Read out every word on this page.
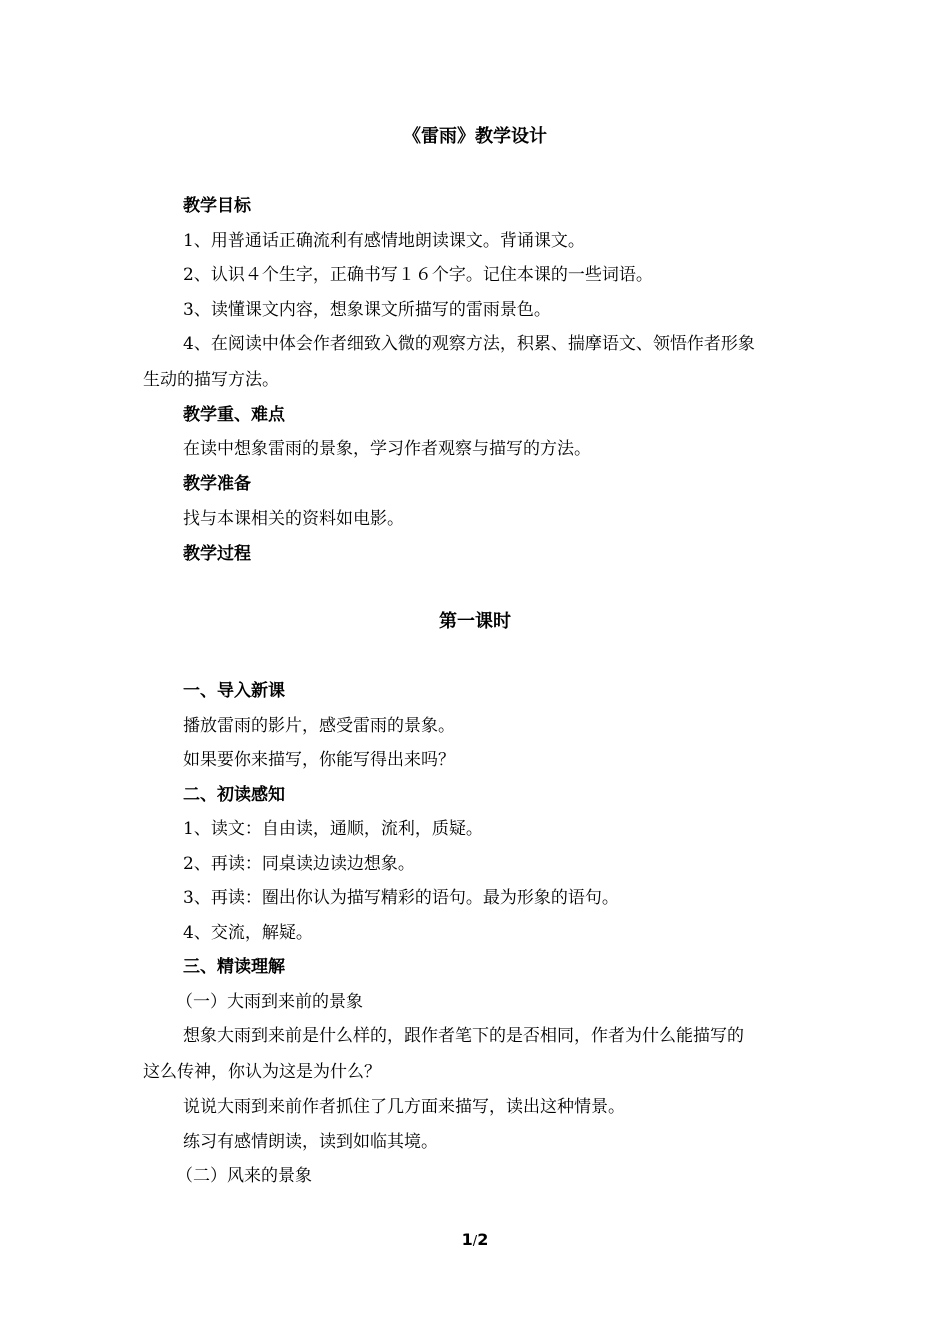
《雷雨》教学设计
教学目标
1、用普通话正确流利有感情地朗读课文。背诵课文。
2、认识４个生字，正确书写１６个字。记住本课的一些词语。
3、读懂课文内容，想象课文所描写的雷雨景色。
4、在阅读中体会作者细致入微的观察方法，积累、揣摩语文、领悟作者形象
生动的描写方法。
教学重、难点
在读中想象雷雨的景象，学习作者观察与描写的方法。
教学准备
找与本课相关的资料如电影。
教学过程
第一课时
一、导入新课
播放雷雨的影片，感受雷雨的景象。
如果要你来描写，你能写得出来吗？
二、初读感知
1、读文：自由读，通顺，流利，质疑。
2、再读：同桌读边读边想象。
3、再读：圈出你认为描写精彩的语句。最为形象的语句。
4、交流，解疑。
三、精读理解
（一）大雨到来前的景象
想象大雨到来前是什么样的，跟作者笔下的是否相同，作者为什么能描写的
这么传神，你认为这是为什么？
说说大雨到来前作者抓住了几方面来描写，读出这种情景。
练习有感情朗读，读到如临其境。
（二）风来的景象
1/2
